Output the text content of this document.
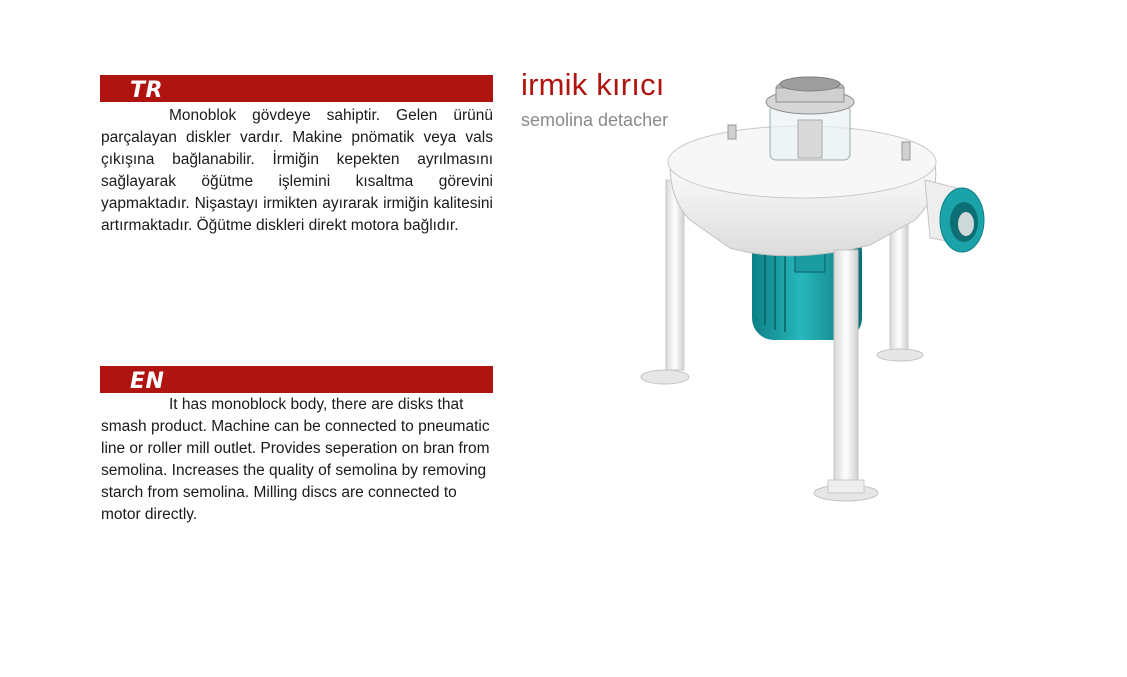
TR
Monoblok gövdeye sahiptir. Gelen ürünü parçalayan diskler vardır. Makine pnömatik veya vals çıkışına bağlanabilir. İrmiğin kepekten ayrılmasını sağlayarak öğütme işlemini kısaltma görevini yapmaktadır. Nişastayı irmikten ayırarak irmiğin kalitesini artırmaktadır. Öğütme diskleri direkt motora bağlıdır.
EN
It has monoblock body, there are disks that smash product. Machine can be connected to pneumatic line or roller mill outlet. Provides seperation on bran from semolina. Increases the quality of semolina by removing starch from semolina. Milling discs are connected to motor directly.
irmik kırıcı
semolina detacher
